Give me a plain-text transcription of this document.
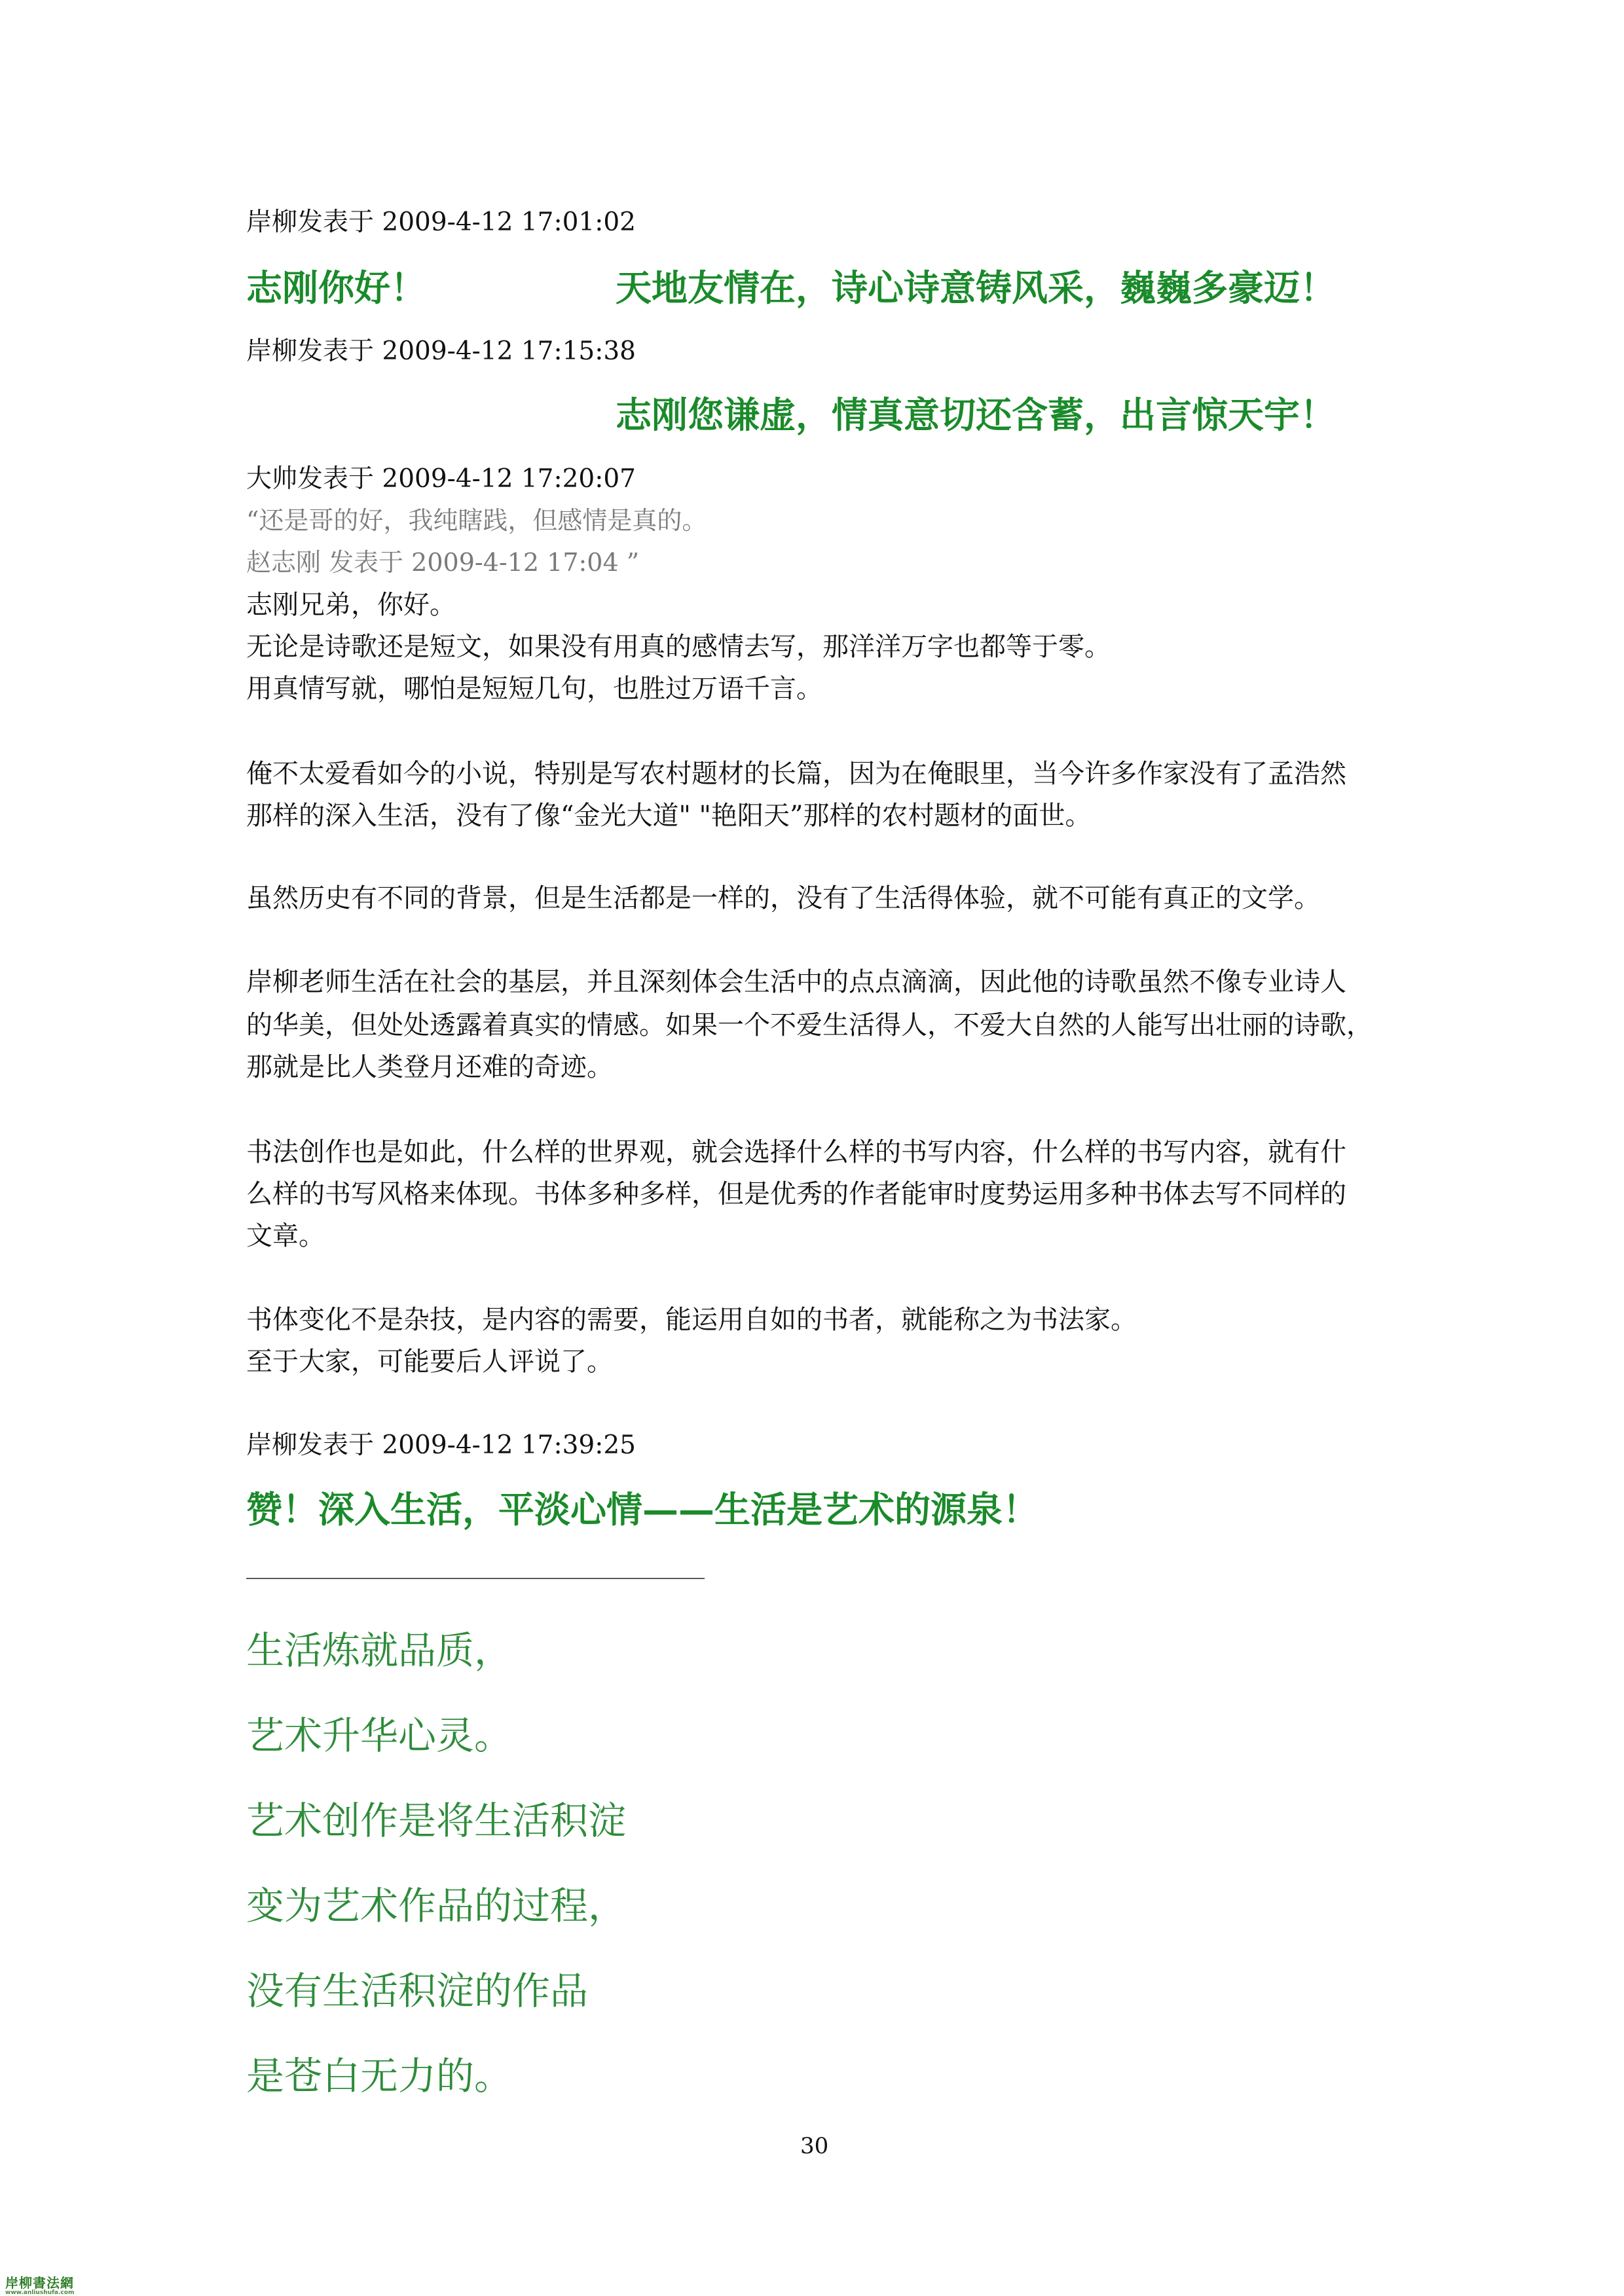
岸柳发表于 2009-4-12 17:01:02
志刚你好！	天地友情在，诗心诗意铸风采，巍巍多豪迈！
岸柳发表于 2009-4-12 17:15:38
志刚您谦虚，情真意切还含蓄，出言惊天宇！
大帅发表于 2009-4-12 17:20:07
“还是哥的好，我纯瞎践，但感情是真的。
赵志刚 发表于 2009-4-12 17:04 ”
志刚兄弟，你好。
无论是诗歌还是短文，如果没有用真的感情去写，那洋洋万字也都等于零。
用真情写就，哪怕是短短几句，也胜过万语千言。
俺不太爱看如今的小说，特别是写农村题材的长篇，因为在俺眼里，当今许多作家没有了孟浩然
那样的深入生活，没有了像“金光大道" "艳阳天”那样的农村题材的面世。
虽然历史有不同的背景，但是生活都是一样的，没有了生活得体验，就不可能有真正的文学。
岸柳老师生活在社会的基层，并且深刻体会生活中的点点滴滴，因此他的诗歌虽然不像专业诗人
的华美，但处处透露着真实的情感。如果一个不爱生活得人，不爱大自然的人能写出壮丽的诗歌，
那就是比人类登月还难的奇迹。
书法创作也是如此，什么样的世界观，就会选择什么样的书写内容，什么样的书写内容，就有什
么样的书写风格来体现。书体多种多样，但是优秀的作者能审时度势运用多种书体去写不同样的
文章。
书体变化不是杂技，是内容的需要，能运用自如的书者，就能称之为书法家。
至于大家，可能要后人评说了。
岸柳发表于 2009-4-12 17:39:25
赞！深入生活，平淡心情——生活是艺术的源泉！
生活炼就品质，
艺术升华心灵。
艺术创作是将生活积淀
变为艺术作品的过程，
没有生活积淀的作品
是苍白无力的。
30
岸柳書法網
www.anliushufa.com
